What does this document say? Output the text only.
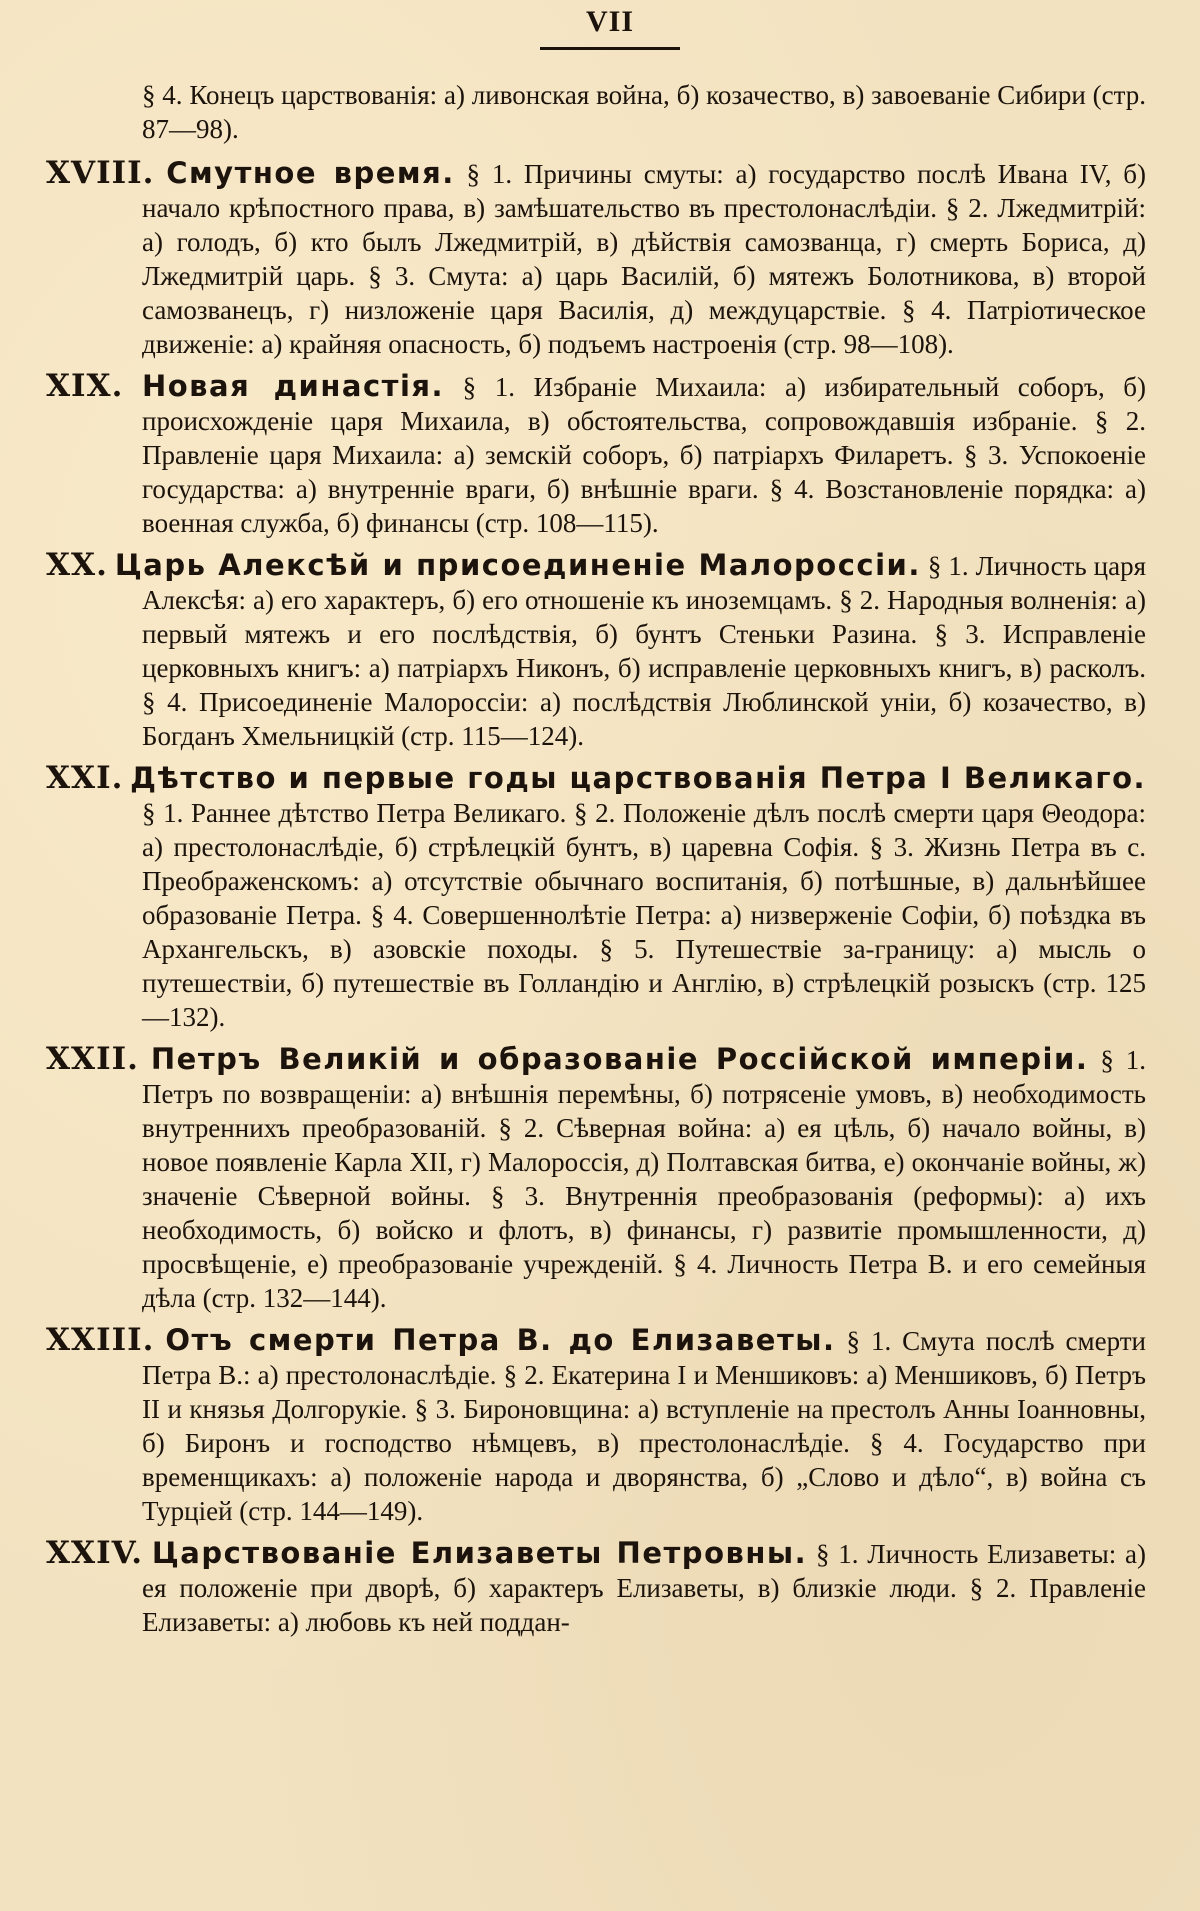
VII

§ 4. Конецъ царствованія: а) ливонская война, б) козачество, в) завоеваніе Сибири (стр. 87—98).

XVIII. Смутное время. § 1. Причины смуты: а) государство послѣ Ивана IV, б) начало крѣпостного права, в) замѣшательство въ престолонаслѣдіи. § 2. Лжедмитрій: а) голодъ, б) кто былъ Лжедмитрій, в) дѣйствія самозванца, г) смерть Бориса, д) Лжедмитрій царь. § 3. Смута: а) царь Василій, б) мятежъ Болотникова, в) второй самозванецъ, г) низложеніе царя Василія, д) междуцарствіе. § 4. Патріотическое движеніе: а) крайняя опасность, б) подъемъ настроенія (стр. 98—108).

XIX. Новая династія. § 1. Избраніе Михаила: а) избирательный соборъ, б) происхожденіе царя Михаила, в) обстоятельства, сопровождавшія избраніе. § 2. Правленіе царя Михаила: а) земскій соборъ, б) патріархъ Филаретъ. § 3. Успокоеніе государства: а) внутренніе враги, б) внѣшніе враги. § 4. Возстановленіе порядка: а) военная служба, б) финансы (стр. 108—115).

XX. Царь Алексѣй и присоединеніе Малороссіи. § 1. Личность царя Алексѣя: а) его характеръ, б) его отношеніе къ иноземцамъ. § 2. Народныя волненія: а) первый мятежъ и его послѣдствія, б) бунтъ Стеньки Разина. § 3. Исправленіе церковныхъ книгъ: а) патріархъ Никонъ, б) исправленіе церковныхъ книгъ, в) расколъ. § 4. Присоединеніе Малороссіи: а) послѣдствія Люблинской уніи, б) козачество, в) Богданъ Хмельницкій (стр. 115—124).

XXI. Дѣтство и первые годы царствованія Петра I Великаго. § 1. Раннее дѣтство Петра Великаго. § 2. Положеніе дѣлъ послѣ смерти царя Θеодора: а) престолонаслѣдіе, б) стрѣлецкій бунтъ, в) царевна Софія. § 3. Жизнь Петра въ с. Преображенскомъ: а) отсутствіе обычнаго воспитанія, б) потѣшные, в) дальнѣйшее образованіе Петра. § 4. Совершеннолѣтіе Петра: а) низверженіе Софіи, б) поѣздка въ Архангельскъ, в) азовскіе походы. § 5. Путешествіе за-границу: а) мысль о путешествіи, б) путешествіе въ Голландію и Англію, в) стрѣлецкій розыскъ (стр. 125—132).

XXII. Петръ Великій и образованіе Россійской имперіи. § 1. Петръ по возвращеніи: а) внѣшнія перемѣны, б) потрясеніе умовъ, в) необходимость внутреннихъ преобразованій. § 2. Сѣверная война: а) ея цѣль, б) начало войны, в) новое появленіе Карла XII, г) Малороссія, д) Полтавская битва, е) окончаніе войны, ж) значеніе Сѣверной войны. § 3. Внутреннія преобразованія (реформы): а) ихъ необходимость, б) войско и флотъ, в) финансы, г) развитіе промышленности, д) просвѣщеніе, е) преобразованіе учрежденій. § 4. Личность Петра В. и его семейныя дѣла (стр. 132—144).

XXIII. Отъ смерти Петра В. до Елизаветы. § 1. Смута послѣ смерти Петра В.: а) престолонаслѣдіе. § 2. Екатерина I и Меншиковъ: а) Меншиковъ, б) Петръ II и князья Долгорукіе. § 3. Бироновщина: а) вступленіе на престолъ Анны Іоанновны, б) Биронъ и господство нѣмцевъ, в) престолонаслѣдіе. § 4. Государство при временщикахъ: а) положеніе народа и дворянства, б) „Слово и дѣло“, в) война съ Турціей (стр. 144—149).

XXIV. Царствованіе Елизаветы Петровны. § 1. Личность Елизаветы: а) ея положеніе при дворѣ, б) характеръ Елизаветы, в) близкіе люди. § 2. Правленіе Елизаветы: а) любовь къ ней поддан-
